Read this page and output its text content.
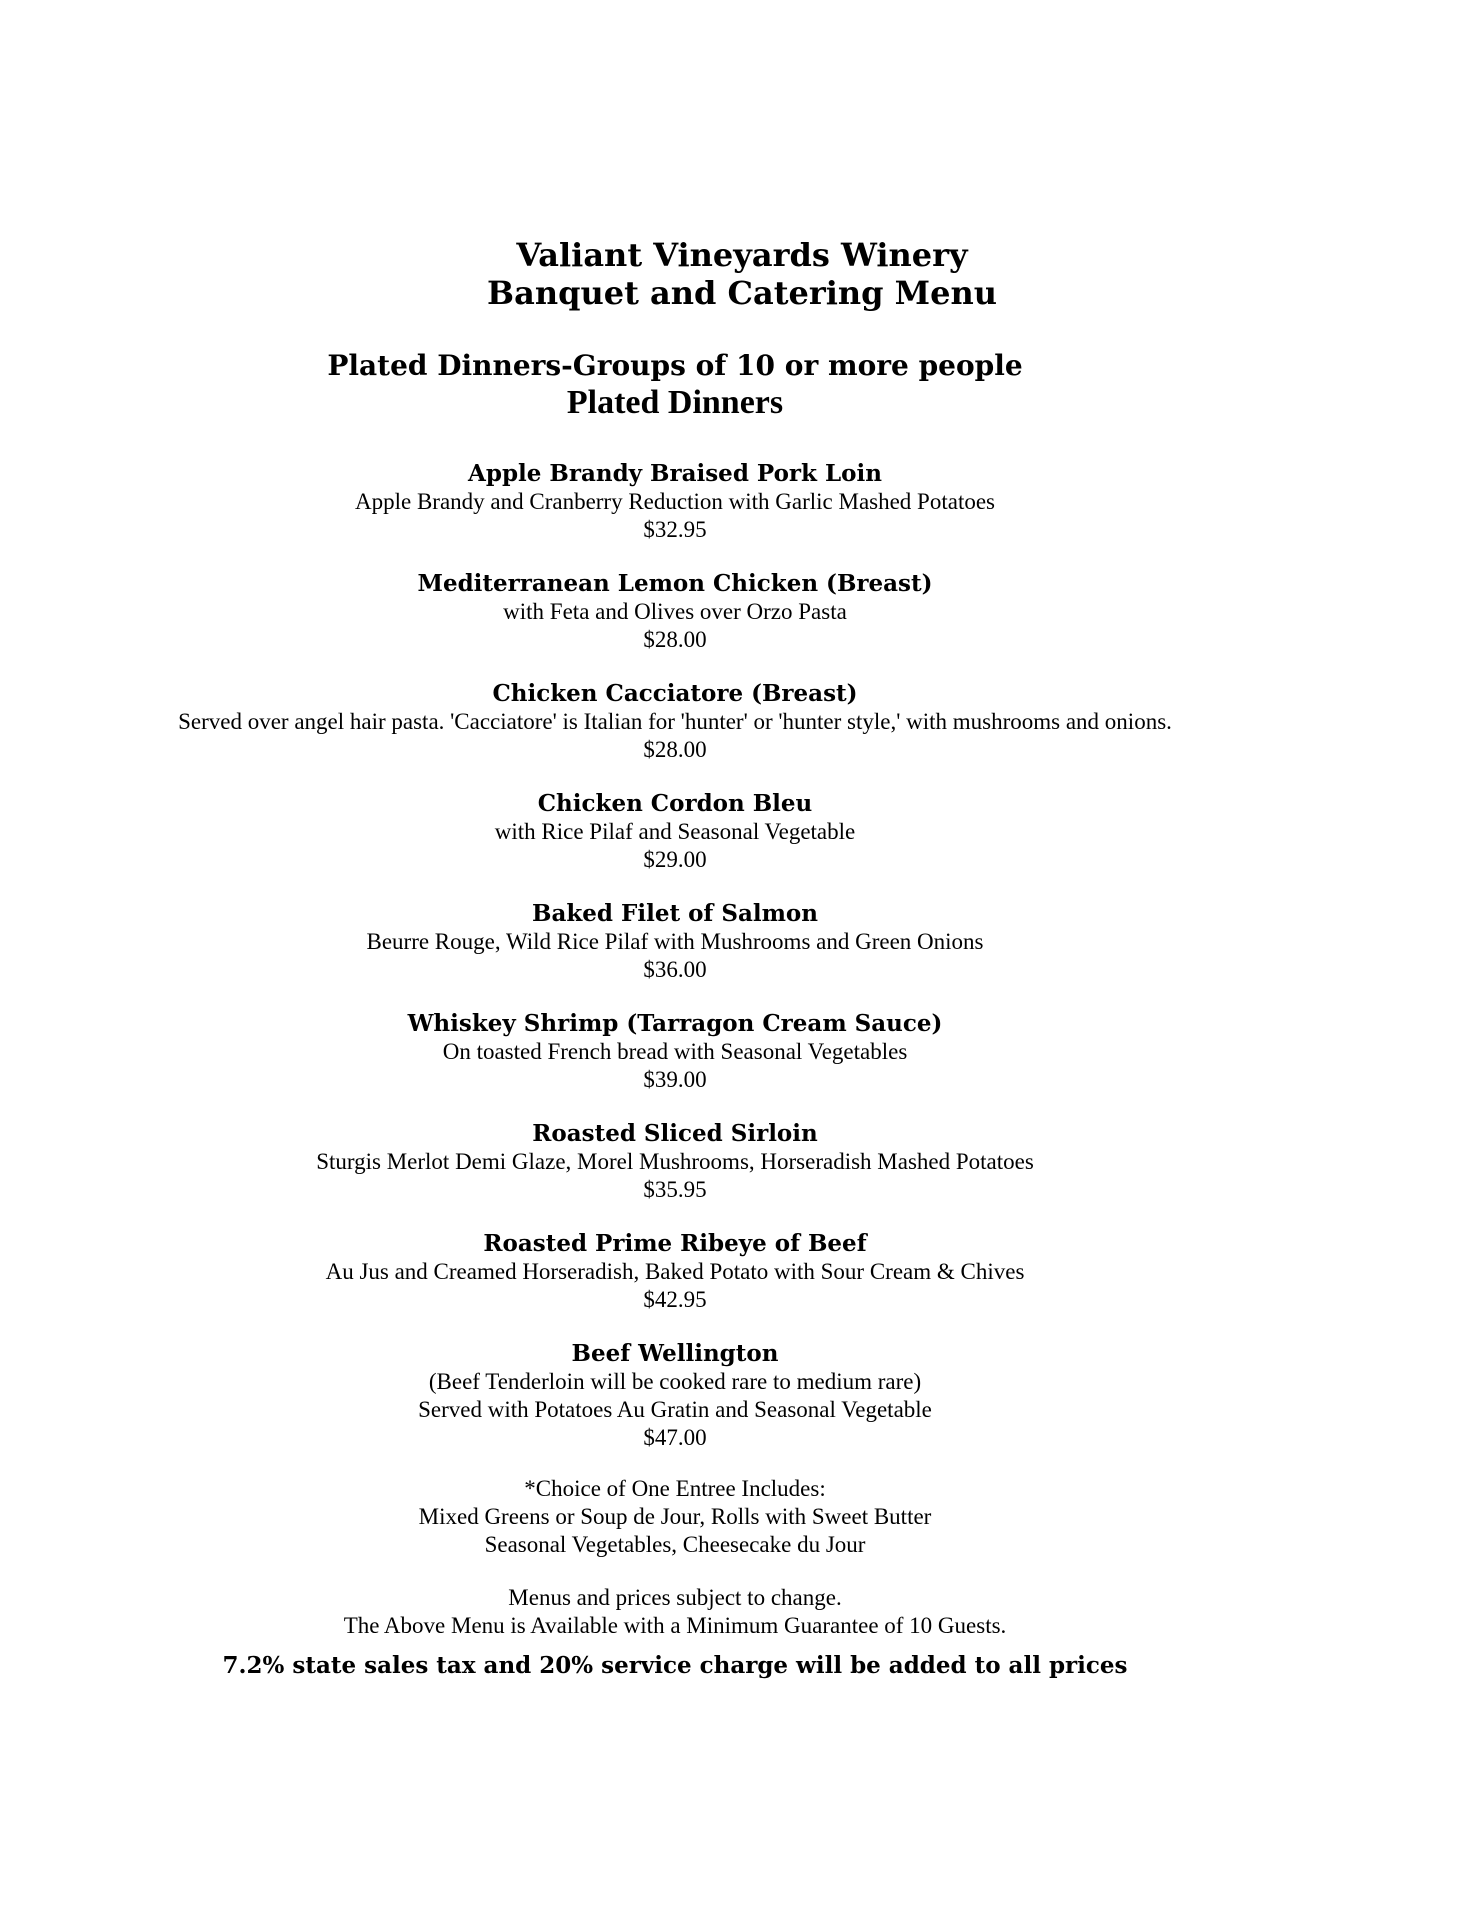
Valiant Vineyards Winery
Banquet and Catering Menu
Plated Dinners-Groups of 10 or more people
Plated Dinners
Apple Brandy Braised Pork Loin
Apple Brandy and Cranberry Reduction with Garlic Mashed Potatoes
$32.95
Mediterranean Lemon Chicken (Breast)
with Feta and Olives over Orzo Pasta
$28.00
Chicken Cacciatore (Breast)
Served over angel hair pasta. 'Cacciatore' is Italian for 'hunter' or 'hunter style,' with mushrooms and onions.
$28.00
Chicken Cordon Bleu
with Rice Pilaf and Seasonal Vegetable
$29.00
Baked Filet of Salmon
Beurre Rouge, Wild Rice Pilaf with Mushrooms and Green Onions
$36.00
Whiskey Shrimp (Tarragon Cream Sauce)
On toasted French bread with Seasonal Vegetables
$39.00
Roasted Sliced Sirloin
Sturgis Merlot Demi Glaze, Morel Mushrooms, Horseradish Mashed Potatoes
$35.95
Roasted Prime Ribeye of Beef
Au Jus and Creamed Horseradish, Baked Potato with Sour Cream & Chives
$42.95
Beef Wellington
(Beef Tenderloin will be cooked rare to medium rare)
Served with Potatoes Au Gratin and Seasonal Vegetable
$47.00
*Choice of One Entree Includes:
Mixed Greens or Soup de Jour, Rolls with Sweet Butter
Seasonal Vegetables, Cheesecake du Jour
Menus and prices subject to change.
The Above Menu is Available with a Minimum Guarantee of 10 Guests.
7.2% state sales tax and 20% service charge will be added to all prices
